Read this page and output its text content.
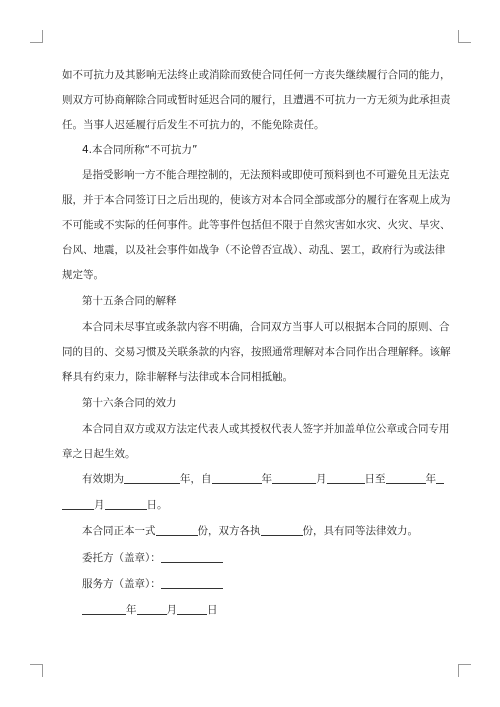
如不可抗力及其影响无法终止或消除而致使合同任何一方丧失继续履行合同的能力，
则双方可协商解除合同或暂时延迟合同的履行，且遭遇不可抗力一方无须为此承担责
任。当事人迟延履行后发生不可抗力的，不能免除责任。
4.本合同所称“不可抗力”
是指受影响一方不能合理控制的，无法预料或即使可预料到也不可避免且无法克
服，并于本合同签订日之后出现的，使该方对本合同全部或部分的履行在客观上成为
不可能或不实际的任何事件。此等事件包括但不限于自然灾害如水灾、火灾、旱灾、
台风、地震，以及社会事件如战争（不论曾否宣战）、动乱、罢工，政府行为或法律
规定等。
第十五条合同的解释
本合同未尽事宜或条款内容不明确，合同双方当事人可以根据本合同的原则、合
同的目的、交易习惯及关联条款的内容，按照通常理解对本合同作出合理解释。该解
释具有约束力，除非解释与法律或本合同相抵触。
第十六条合同的效力
本合同自双方或双方法定代表人或其授权代表人签字并加盖单位公章或合同专用
章之日起生效。
有效期为	年，自	年	月	日至	年
月	日。
本合同正本一式	份，双方各执	份，具有同等法律效力。
委托方（盖章）：
服务方（盖章）：
年	月	日
